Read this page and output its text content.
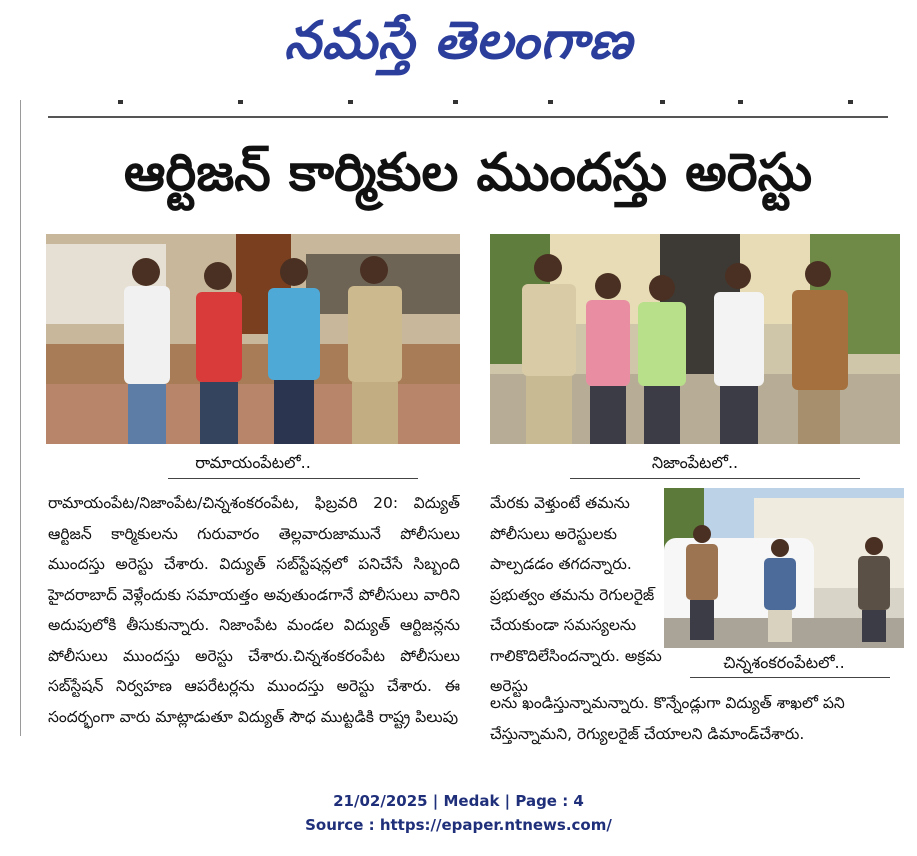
నమస్తే తెలంగాణ
ఆర్టిజన్ కార్మికుల ముందస్తు అరెస్టు
రామాయంపేటలో..	నిజాంపేటలో..
చిన్నశంకరంపేటలో..
రామాయంపేట/నిజాంపేట/చిన్నశంకరంపేట, ఫిబ్రవరి 20: విద్యుత్ ఆర్టిజన్ కార్మికులను గురువారం తెల్లవారుజామునే పోలీసులు ముందస్తు అరెస్టు చేశారు. విద్యుత్ సబ్‌స్టేషన్లలో పనిచేసే సిబ్బంది హైదరాబాద్ వెళ్లేందుకు సమాయత్తం అవుతుండగానే పోలీసులు వారిని అదుపులోకి తీసుకున్నారు. నిజాంపేట మండల విద్యుత్ ఆర్టిజన్లను పోలీసులు ముందస్తు అరెస్టు చేశారు.చిన్నశంకరంపేట పోలీసులు సబ్‌స్టేషన్ నిర్వహణ ఆపరేటర్లను ముందస్తు అరెస్టు చేశారు. ఈ సందర్భంగా వారు మాట్లాడుతూ విద్యుత్ సౌధ ముట్టడికి రాష్ట్ర పిలుపు
మేరకు వెళ్తుంటే తమను పోలీసులు అరెస్టులకు పాల్పడడం తగదన్నారు. ప్రభుత్వం తమను రెగులరైజ్ చేయకుండా సమస్యలను గాలికొదిలేసిందన్నారు. అక్రమ అరెస్టు
లను ఖండిస్తున్నామన్నారు. కొన్నేండ్లుగా విద్యుత్ శాఖలో పని చేస్తున్నామని, రెగ్యులరైజ్ చేయాలని డిమాండ్‌చేశారు.
21/02/2025 | Medak | Page : 4
Source : https://epaper.ntnews.com/
